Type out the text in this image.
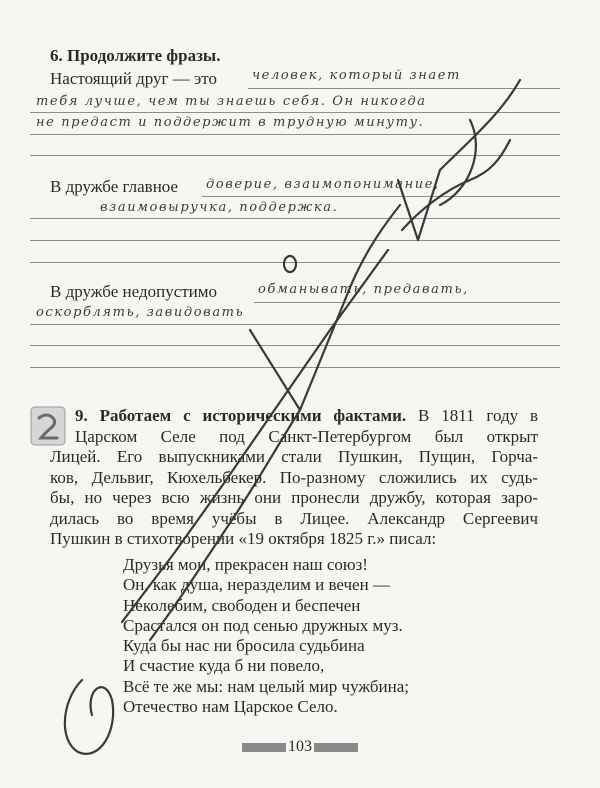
6. Продолжите фразы.
Настоящий друг — это	человек, который знает
тебя лучше, чем ты знаешь себя. Он никогда
не предаст и поддержит в трудную минуту.
В дружбе главное доверие, взаимопонимание,
взаимовыручка, поддержка.
В дружбе недопустимо	обманывать, предавать,
оскорблять, завидовать
9. Работаем с историческими фактами. В 1811 году в
Царском Селе под Санкт-Петербургом был открыт
Лицей. Его выпускниками стали Пушкин, Пущин, Горча-
ков, Дельвиг, Кюхельбекер. По-разному сложились их судь-
бы, но через всю жизнь они пронесли дружбу, которая заро-
дилась во время учёбы в Лицее. Александр Сергеевич
Пушкин в стихотворении «19 октября 1825 г.» писал:
Друзья мои, прекрасен наш союз!
Он, как душа, неразделим и вечен —
Неколебим, свободен и беспечен
Срастался он под сенью дружных муз.
Куда бы нас ни бросила судьбина
И счастие куда б ни повело,
Всё те же мы: нам целый мир чужбина;
Отечество нам Царское Село.
103
